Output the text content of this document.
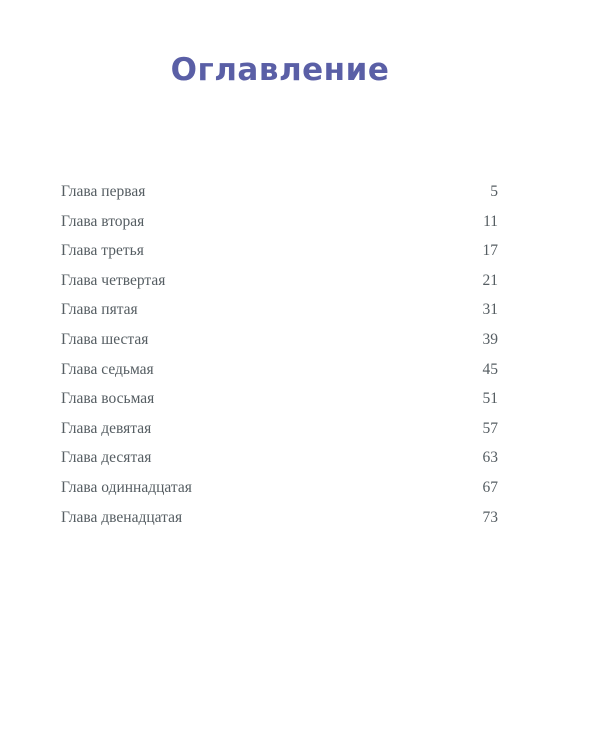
Оглавление
Глава первая	5
Глава вторая	11
Глава третья	17
Глава четвертая	21
Глава пятая	31
Глава шестая	39
Глава седьмая	45
Глава восьмая	51
Глава девятая	57
Глава десятая	63
Глава одиннадцатая	67
Глава двенадцатая	73
